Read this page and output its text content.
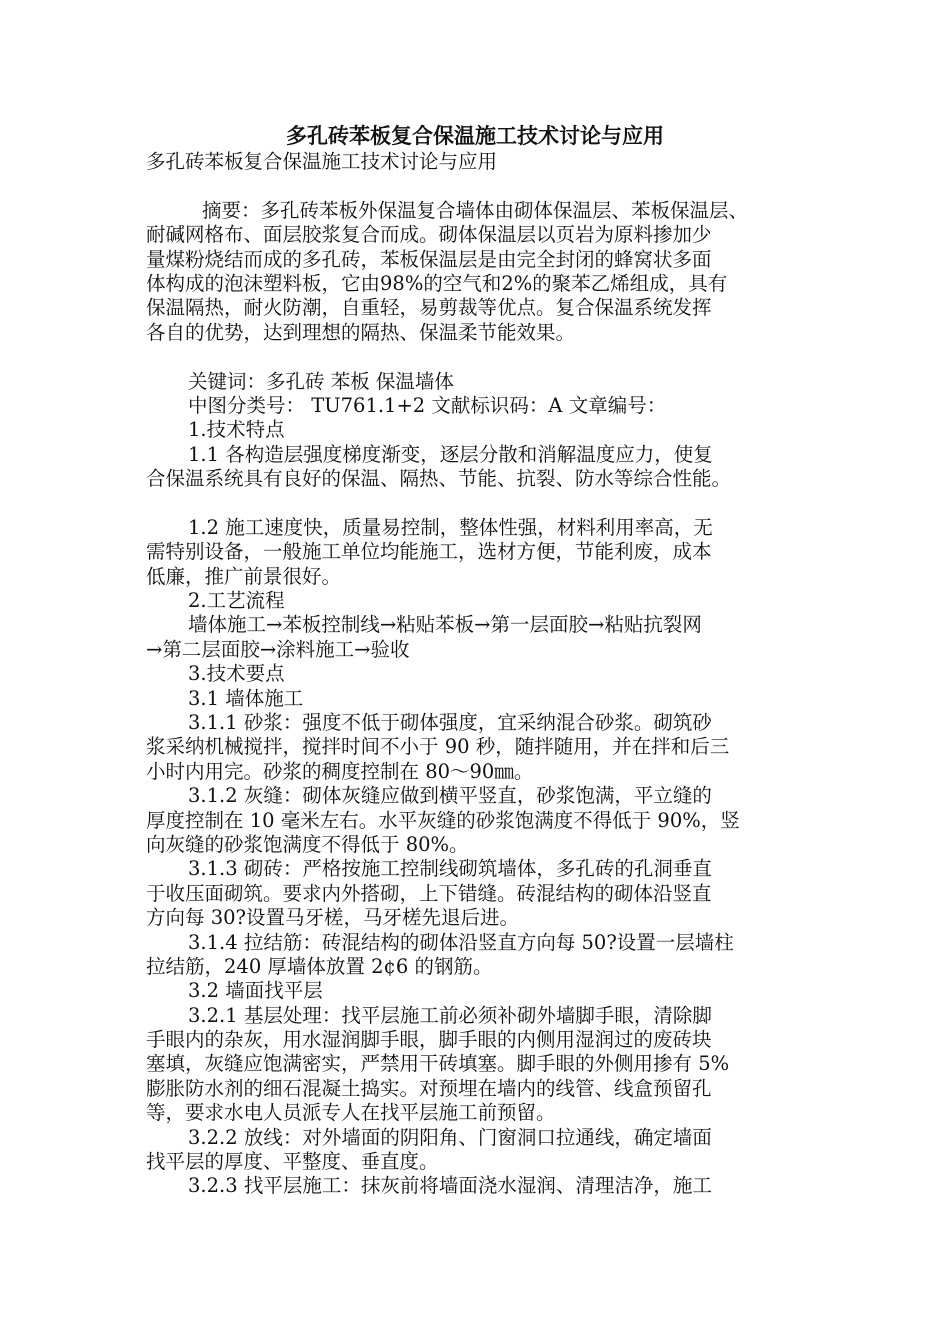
多孔砖苯板复合保温施工技术讨论与应用
多孔砖苯板复合保温施工技术讨论与应用
摘要：多孔砖苯板外保温复合墙体由砌体保温层、苯板保温层、
耐碱网格布、面层胶浆复合而成。砌体保温层以页岩为原料掺加少
量煤粉烧结而成的多孔砖，苯板保温层是由完全封闭的蜂窝状多面
体构成的泡沫塑料板，它由98%的空气和2%的聚苯乙烯组成，具有
保温隔热，耐火防潮，自重轻，易剪裁等优点。复合保温系统发挥
各自的优势，达到理想的隔热、保温柔节能效果。
关键词：多孔砖 苯板 保温墙体
中图分类号： TU761.1+2 文献标识码：A 文章编号：
1.技术特点
1.1 各构造层强度梯度渐变，逐层分散和消解温度应力，使复
合保温系统具有良好的保温、隔热、节能、抗裂、防水等综合性能。
1.2 施工速度快，质量易控制，整体性强，材料利用率高，无
需特别设备，一般施工单位均能施工，选材方便，节能利废，成本
低廉，推广前景很好。
2.工艺流程
墙体施工→苯板控制线→粘贴苯板→第一层面胶→粘贴抗裂网
→第二层面胶→涂料施工→验收
3.技术要点
3.1 墙体施工
3.1.1 砂浆：强度不低于砌体强度，宜采纳混合砂浆。砌筑砂
浆采纳机械搅拌，搅拌时间不小于 90 秒，随拌随用，并在拌和后三
小时内用完。砂浆的稠度控制在 80～90㎜。
3.1.2 灰缝：砌体灰缝应做到横平竖直，砂浆饱满，平立缝的
厚度控制在 10 毫米左右。水平灰缝的砂浆饱满度不得低于 90%，竖
向灰缝的砂浆饱满度不得低于 80%。
3.1.3 砌砖：严格按施工控制线砌筑墙体，多孔砖的孔洞垂直
于收压面砌筑。要求内外搭砌，上下错缝。砖混结构的砌体沿竖直
方向每 30?设置马牙槎，马牙槎先退后进。
3.1.4 拉结筋：砖混结构的砌体沿竖直方向每 50?设置一层墙柱
拉结筋，240 厚墙体放置 2¢6 的钢筋。
3.2 墙面找平层
3.2.1 基层处理：找平层施工前必须补砌外墙脚手眼，清除脚
手眼内的杂灰，用水湿润脚手眼，脚手眼的内侧用湿润过的废砖块
塞填，灰缝应饱满密实，严禁用干砖填塞。脚手眼的外侧用掺有 5%
膨胀防水剂的细石混凝土捣实。对预埋在墙内的线管、线盒预留孔
等，要求水电人员派专人在找平层施工前预留。
3.2.2 放线：对外墙面的阴阳角、门窗洞口拉通线，确定墙面
找平层的厚度、平整度、垂直度。
3.2.3 找平层施工：抹灰前将墙面浇水湿润、清理洁净，施工
